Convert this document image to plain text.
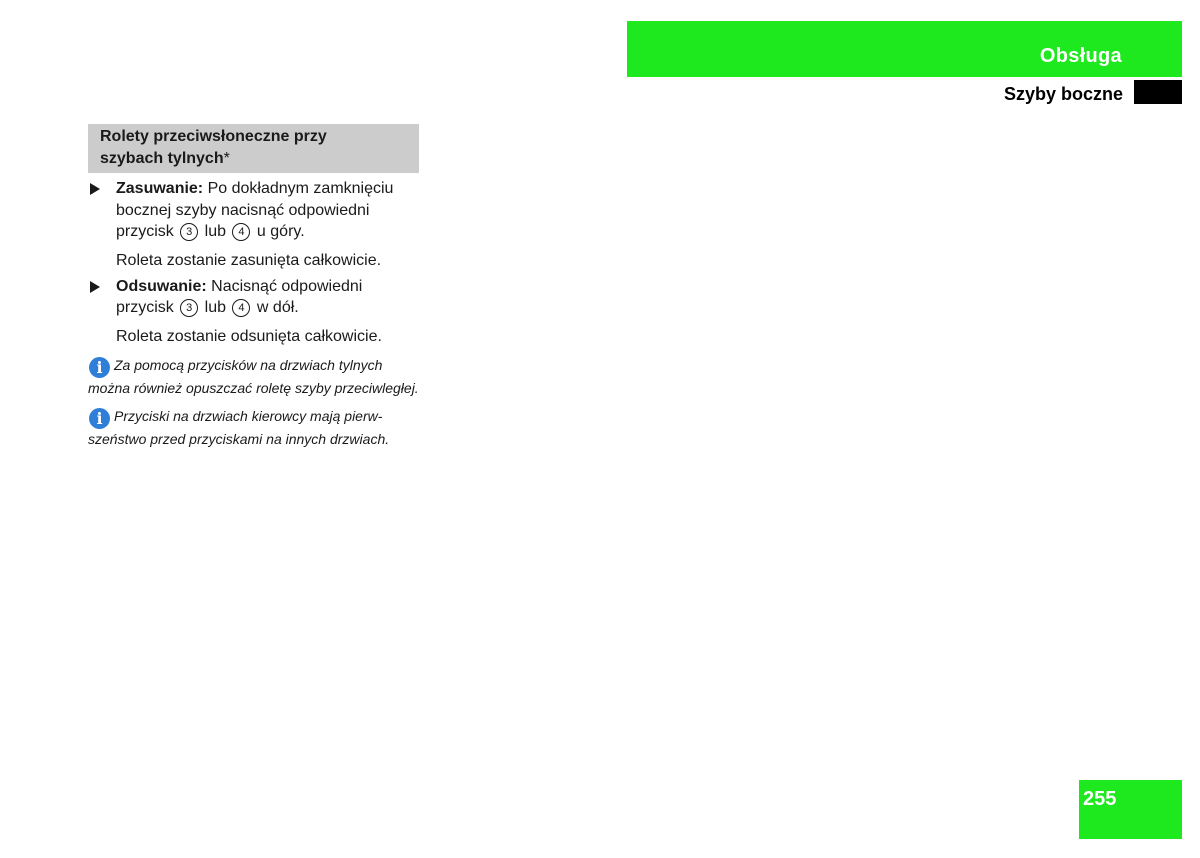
Obsługa
Szyby boczne
Rolety przeciwsłoneczne przy
szybach tylnych*
Zasuwanie: Po dokładnym zamknięciu bocznej szyby nacisnąć odpowiedni przycisk 3 lub 4 u góry.
Roleta zostanie zasunięta całkowicie.
Odsuwanie: Nacisnąć odpowiedni przycisk 3 lub 4 w dół.
Roleta zostanie odsunięta całkowicie.
i Za pomocą przycisków na drzwiach tylnych można również opuszczać roletę szyby przeciwległej.
i Przyciski na drzwiach kierowcy mają pierw-szeństwo przed przyciskami na innych drzwiach.
255
